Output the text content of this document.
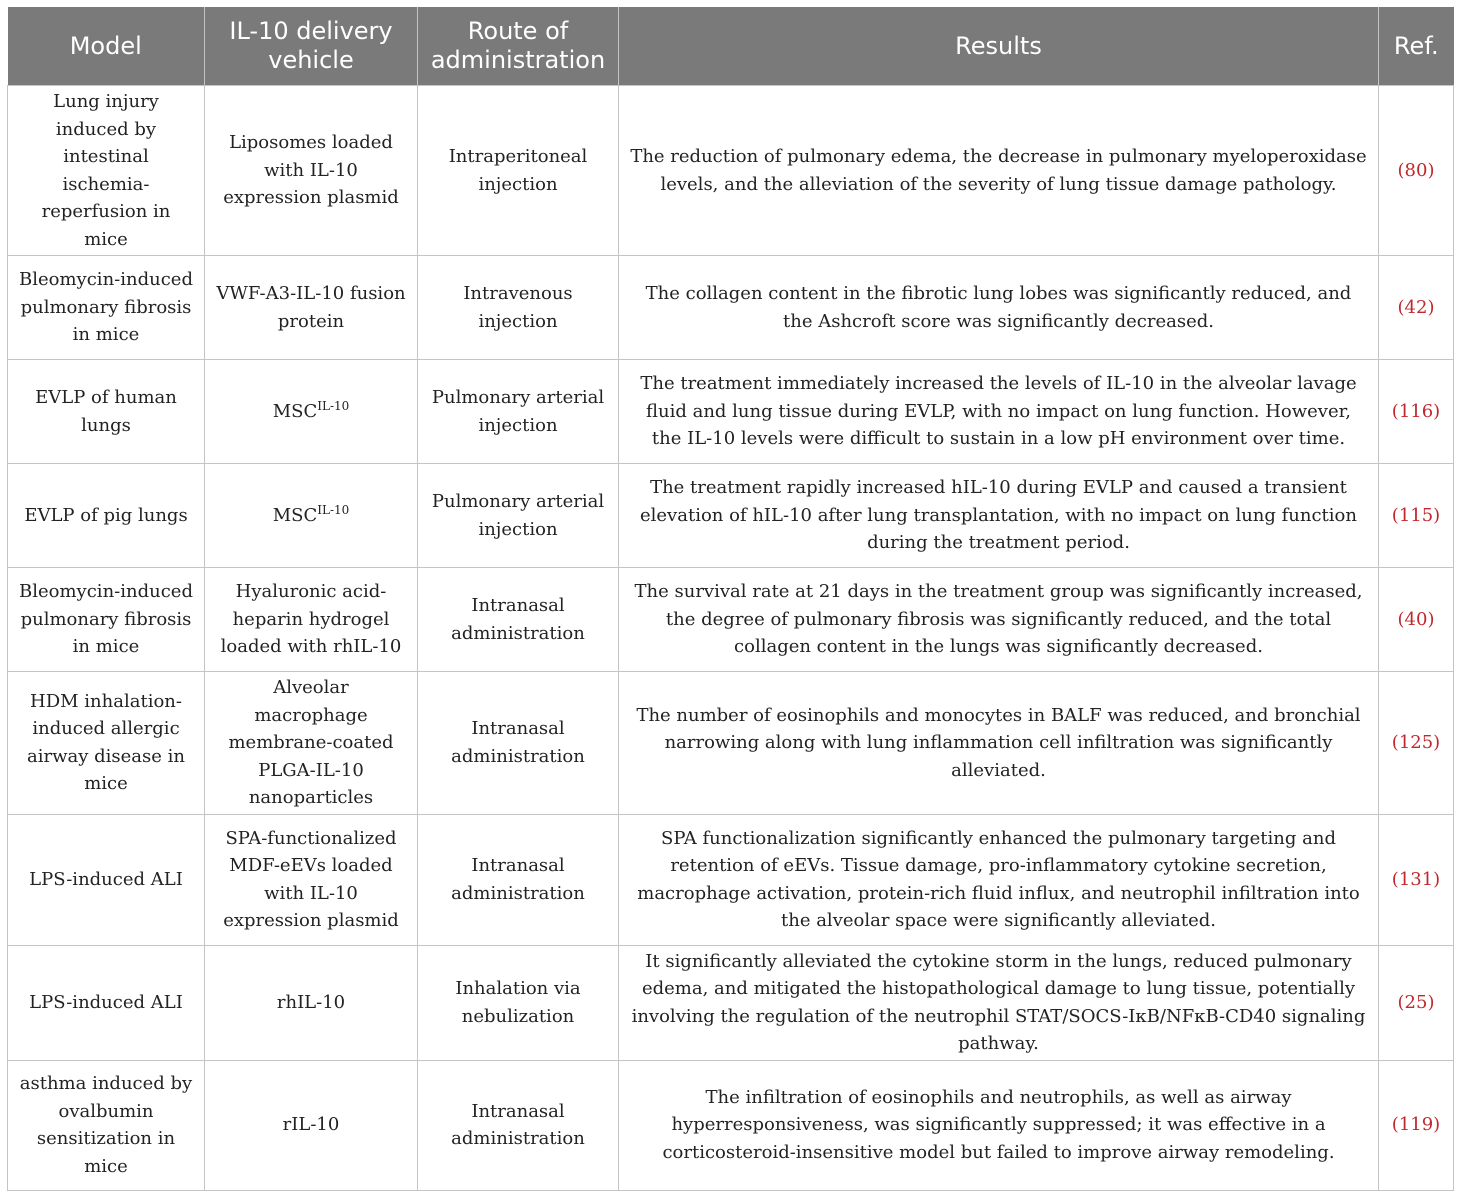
Model	IL-10 delivery vehicle	Route of administration	Results	Ref.
Lung injury induced by intestinal ischemia-reperfusion in mice	Liposomes loaded with IL-10 expression plasmid	Intraperitoneal injection	The reduction of pulmonary edema, the decrease in pulmonary myeloperoxidase levels, and the alleviation of the severity of lung tissue damage pathology.	(80)
Bleomycin-induced pulmonary fibrosis in mice	VWF-A3-IL-10 fusion protein	Intravenous injection	The collagen content in the fibrotic lung lobes was significantly reduced, and the Ashcroft score was significantly decreased.	(42)
EVLP of human lungs	$MSC^{IL-10}$	Pulmonary arterial injection	The treatment immediately increased the levels of IL-10 in the alveolar lavage fluid and lung tissue during EVLP, with no impact on lung function. However, the IL-10 levels were difficult to sustain in a low pH environment over time.	(116)
EVLP of pig lungs	$MSC^{IL-10}$	Pulmonary arterial injection	The treatment rapidly increased hIL-10 during EVLP and caused a transient elevation of hIL-10 after lung transplantation, with no impact on lung function during the treatment period.	(115)
Bleomycin-induced pulmonary fibrosis in mice	Hyaluronic acid-heparin hydrogel loaded with rhIL-10	Intranasal administration	The survival rate at 21 days in the treatment group was significantly increased, the degree of pulmonary fibrosis was significantly reduced, and the total collagen content in the lungs was significantly decreased.	(40)
HDM inhalation-induced allergic airway disease in mice	Alveolar macrophage membrane-coated PLGA-IL-10 nanoparticles	Intranasal administration	The number of eosinophils and monocytes in BALF was reduced, and bronchial narrowing along with lung inflammation cell infiltration was significantly alleviated.	(125)
LPS-induced ALI	SPA-functionalized MDF-eEVs loaded with IL-10 expression plasmid	Intranasal administration	SPA functionalization significantly enhanced the pulmonary targeting and retention of eEVs. Tissue damage, pro-inflammatory cytokine secretion, macrophage activation, protein-rich fluid influx, and neutrophil infiltration into the alveolar space were significantly alleviated.	(131)
LPS-induced ALI	rhIL-10	Inhalation via nebulization	It significantly alleviated the cytokine storm in the lungs, reduced pulmonary edema, and mitigated the histopathological damage to lung tissue, potentially involving the regulation of the neutrophil STAT/SOCS-IκB/NFκB-CD40 signaling pathway.	(25)
asthma induced by ovalbumin sensitization in mice	rIL-10	Intranasal administration	The infiltration of eosinophils and neutrophils, as well as airway hyperresponsiveness, was significantly suppressed; it was effective in a corticosteroid-insensitive model but failed to improve airway remodeling.	(119)
